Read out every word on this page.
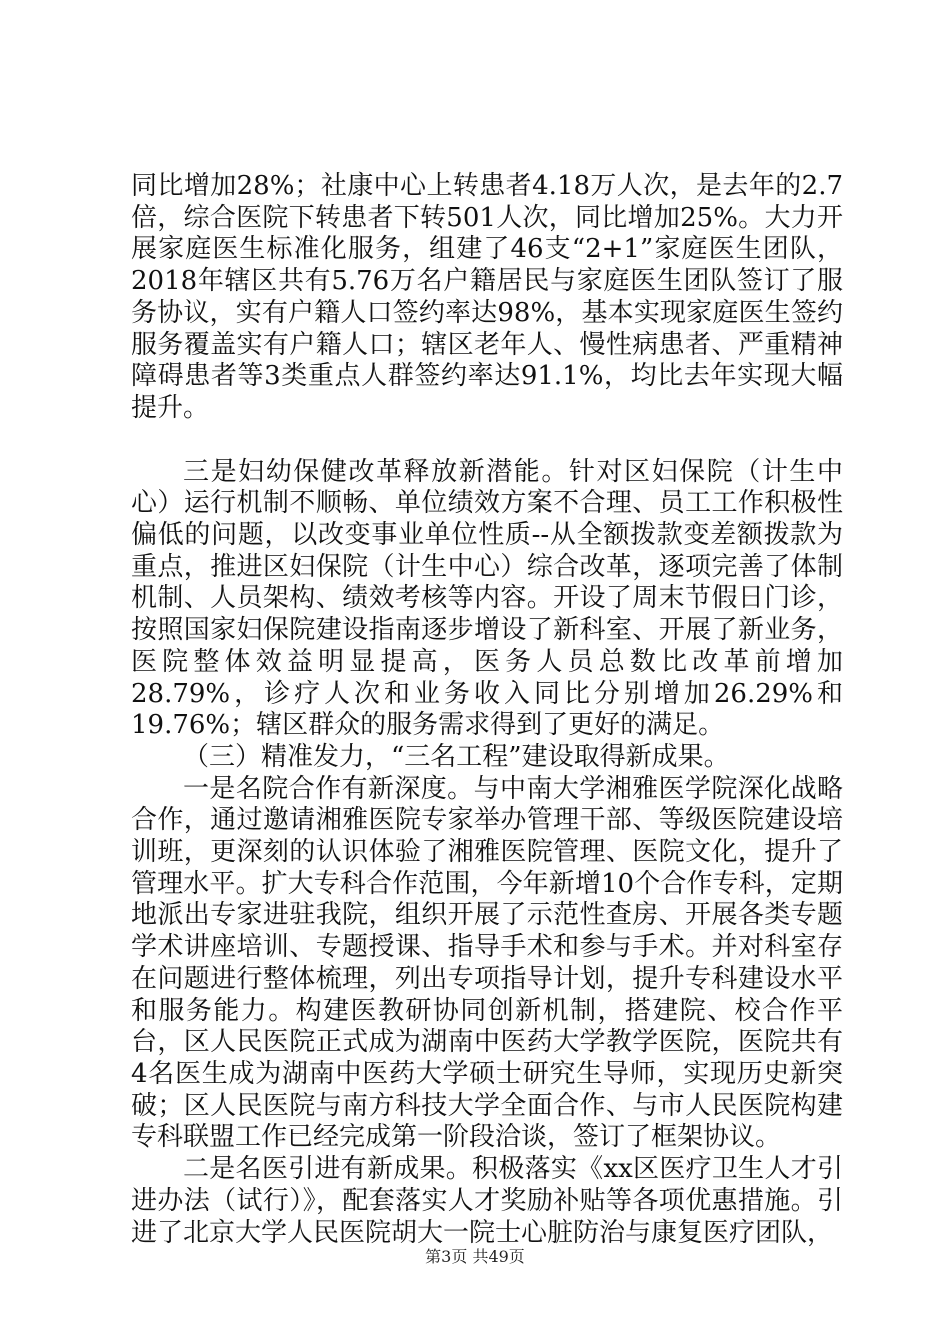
同比增加28%；社康中心上转患者4.18万人次，是去年的2.7倍，综合医院下转患者下转501人次，同比增加25%。大力开展家庭医生标准化服务，组建了46支“2+1”家庭医生团队，2018年辖区共有5.76万名户籍居民与家庭医生团队签订了服务协议，实有户籍人口签约率达98%，基本实现家庭医生签约服务覆盖实有户籍人口；辖区老年人、慢性病患者、严重精神障碍患者等3类重点人群签约率达91.1%，均比去年实现大幅提升。

三是妇幼保健改革释放新潜能。针对区妇保院（计生中心）运行机制不顺畅、单位绩效方案不合理、员工工作积极性偏低的问题，以改变事业单位性质--从全额拨款变差额拨款为重点，推进区妇保院（计生中心）综合改革，逐项完善了体制机制、人员架构、绩效考核等内容。开设了周末节假日门诊，按照国家妇保院建设指南逐步增设了新科室、开展了新业务，医院整体效益明显提高，医务人员总数比改革前增加28.79%，诊疗人次和业务收入同比分别增加26.29%和19.76%；辖区群众的服务需求得到了更好的满足。

（三）精准发力，“三名工程”建设取得新成果。

一是名院合作有新深度。与中南大学湘雅医学院深化战略合作，通过邀请湘雅医院专家举办管理干部、等级医院建设培训班，更深刻的认识体验了湘雅医院管理、医院文化，提升了管理水平。扩大专科合作范围，今年新增10个合作专科，定期地派出专家进驻我院，组织开展了示范性查房、开展各类专题学术讲座培训、专题授课、指导手术和参与手术。并对科室存在问题进行整体梳理，列出专项指导计划，提升专科建设水平和服务能力。构建医教研协同创新机制，搭建院、校合作平台，区人民医院正式成为湖南中医药大学教学医院，医院共有4名医生成为湖南中医药大学硕士研究生导师，实现历史新突破；区人民医院与南方科技大学全面合作、与市人民医院构建专科联盟工作已经完成第一阶段洽谈，签订了框架协议。

二是名医引进有新成果。积极落实《xx区医疗卫生人才引进办法（试行）》，配套落实人才奖励补贴等各项优惠措施。引进了北京大学人民医院胡大一院士心脏防治与康复医疗团队，

第3页 共49页
